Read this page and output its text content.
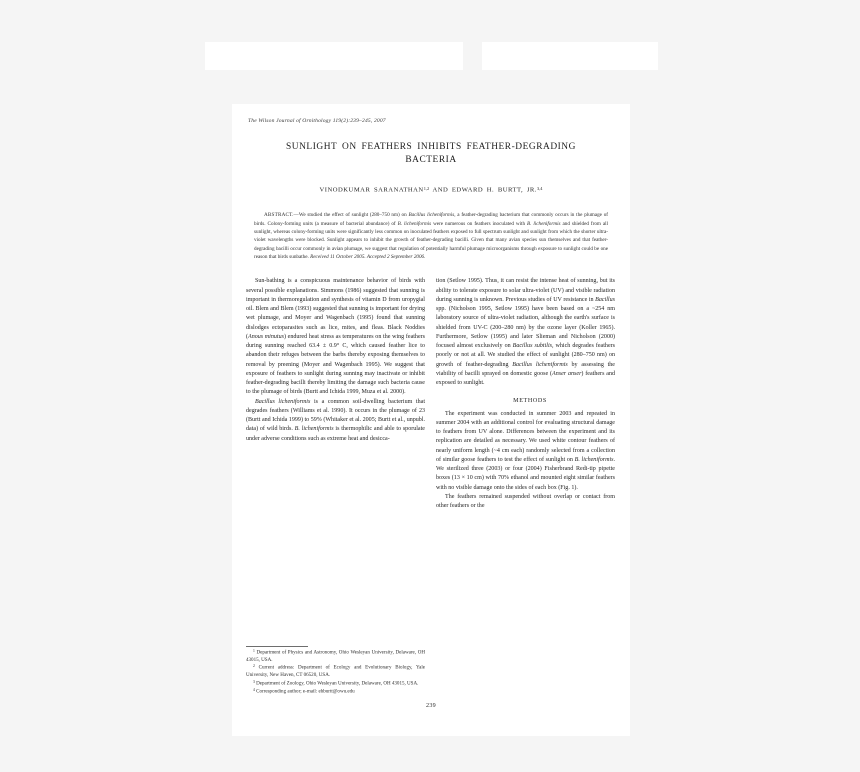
The Wilson Journal of Ornithology 119(2):239–245, 2007
SUNLIGHT ON FEATHERS INHIBITS FEATHER-DEGRADING BACTERIA
VINODKUMAR SARANATHAN$^{1,2}$ AND EDWARD H. BURTT, JR.$^{3,4}$
ABSTRACT.—We studied the effect of sunlight (280–750 nm) on Bacillus licheniformis, a feather-degrading bacterium that commonly occurs in the plumage of birds. Colony-forming units (a measure of bacterial abundance) of B. licheniformis were numerous on feathers inoculated with B. licheniformis and shielded from all sunlight, whereas colony-forming units were significantly less common on inoculated feathers exposed to full spectrum sunlight and sunlight from which the shorter ultra-violet wavelengths were blocked. Sunlight appears to inhibit the growth of feather-degrading bacilli. Given that many avian species sun themselves and that feather-degrading bacilli occur commonly in avian plumage, we suggest that regulation of potentially harmful plumage microorganisms through exposure to sunlight could be one reason that birds sunbathe. Received 11 October 2005. Accepted 2 September 2006.

Sun-bathing is a conspicuous maintenance behavior of birds with several possible explanations. Simmons (1986) suggested that sunning is important in thermoregulation and synthesis of vitamin D from uropygial oil. Blem and Blem (1993) suggested that sunning is important for drying wet plumage, and Moyer and Wagenbach (1995) found that sunning dislodges ectoparasites such as lice, mites, and fleas. Black Noddies (Anous minutus) endured heat stress as temperatures on the wing feathers during sunning reached 63.4 ± 0.9° C, which caused feather lice to abandon their refuges between the barbs thereby exposing themselves to removal by preening (Moyer and Wagenbach 1995). We suggest that exposure of feathers to sunlight during sunning may inactivate or inhibit feather-degrading bacilli thereby limiting the damage such bacteria cause to the plumage of birds (Burtt and Ichida 1999, Muza et al. 2000).

Bacillus licheniformis is a common soil-dwelling bacterium that degrades feathers (Williams et al. 1990). It occurs in the plumage of 23 (Burtt and Ichida 1999) to 59% (Whitaker et al. 2005; Burtt et al., unpubl. data) of wild birds. B. licheniformis is thermophilic and able to sporulate under adverse conditions such as extreme heat and desicca-

$^1$ Department of Physics and Astronomy, Ohio Wesleyan University, Delaware, OH 43015, USA.

$^2$ Current address: Department of Ecology and Evolutionary Biology, Yale University, New Haven, CT 06520, USA.

$^3$ Department of Zoology, Ohio Wesleyan University, Delaware, OH 43015, USA.

$^4$ Corresponding author; e-mail: ehburtt@owu.edu

tion (Setlow 1995). Thus, it can resist the intense heat of sunning, but its ability to tolerate exposure to solar ultra-violet (UV) and visible radiation during sunning is unknown. Previous studies of UV resistance in Bacillus spp. (Nicholson 1995, Setlow 1995) have been based on a ~254 nm laboratory source of ultra-violet radiation, although the earth's surface is shielded from UV-C (200–280 nm) by the ozone layer (Koller 1965). Furthermore, Setlow (1995) and later Slieman and Nicholson (2000) focused almost exclusively on Bacillus subtilis, which degrades feathers poorly or not at all. We studied the effect of sunlight (280–750 nm) on growth of feather-degrading Bacillus licheniformis by assessing the viability of bacilli sprayed on domestic goose (Anser anser) feathers and exposed to sunlight.

METHODS

The experiment was conducted in summer 2003 and repeated in summer 2004 with an additional control for evaluating structural damage to feathers from UV alone. Differences between the experiment and its replication are detailed as necessary. We used white contour feathers of nearly uniform length (~4 cm each) randomly selected from a collection of similar goose feathers to test the effect of sunlight on B. licheniformis. We sterilized three (2003) or four (2004) Fisherbrand Redi-tip pipette boxes (13 × 10 cm) with 70% ethanol and mounted eight similar feathers with no visible damage onto the sides of each box (Fig. 1).

The feathers remained suspended without overlap or contact from other feathers or the

239
